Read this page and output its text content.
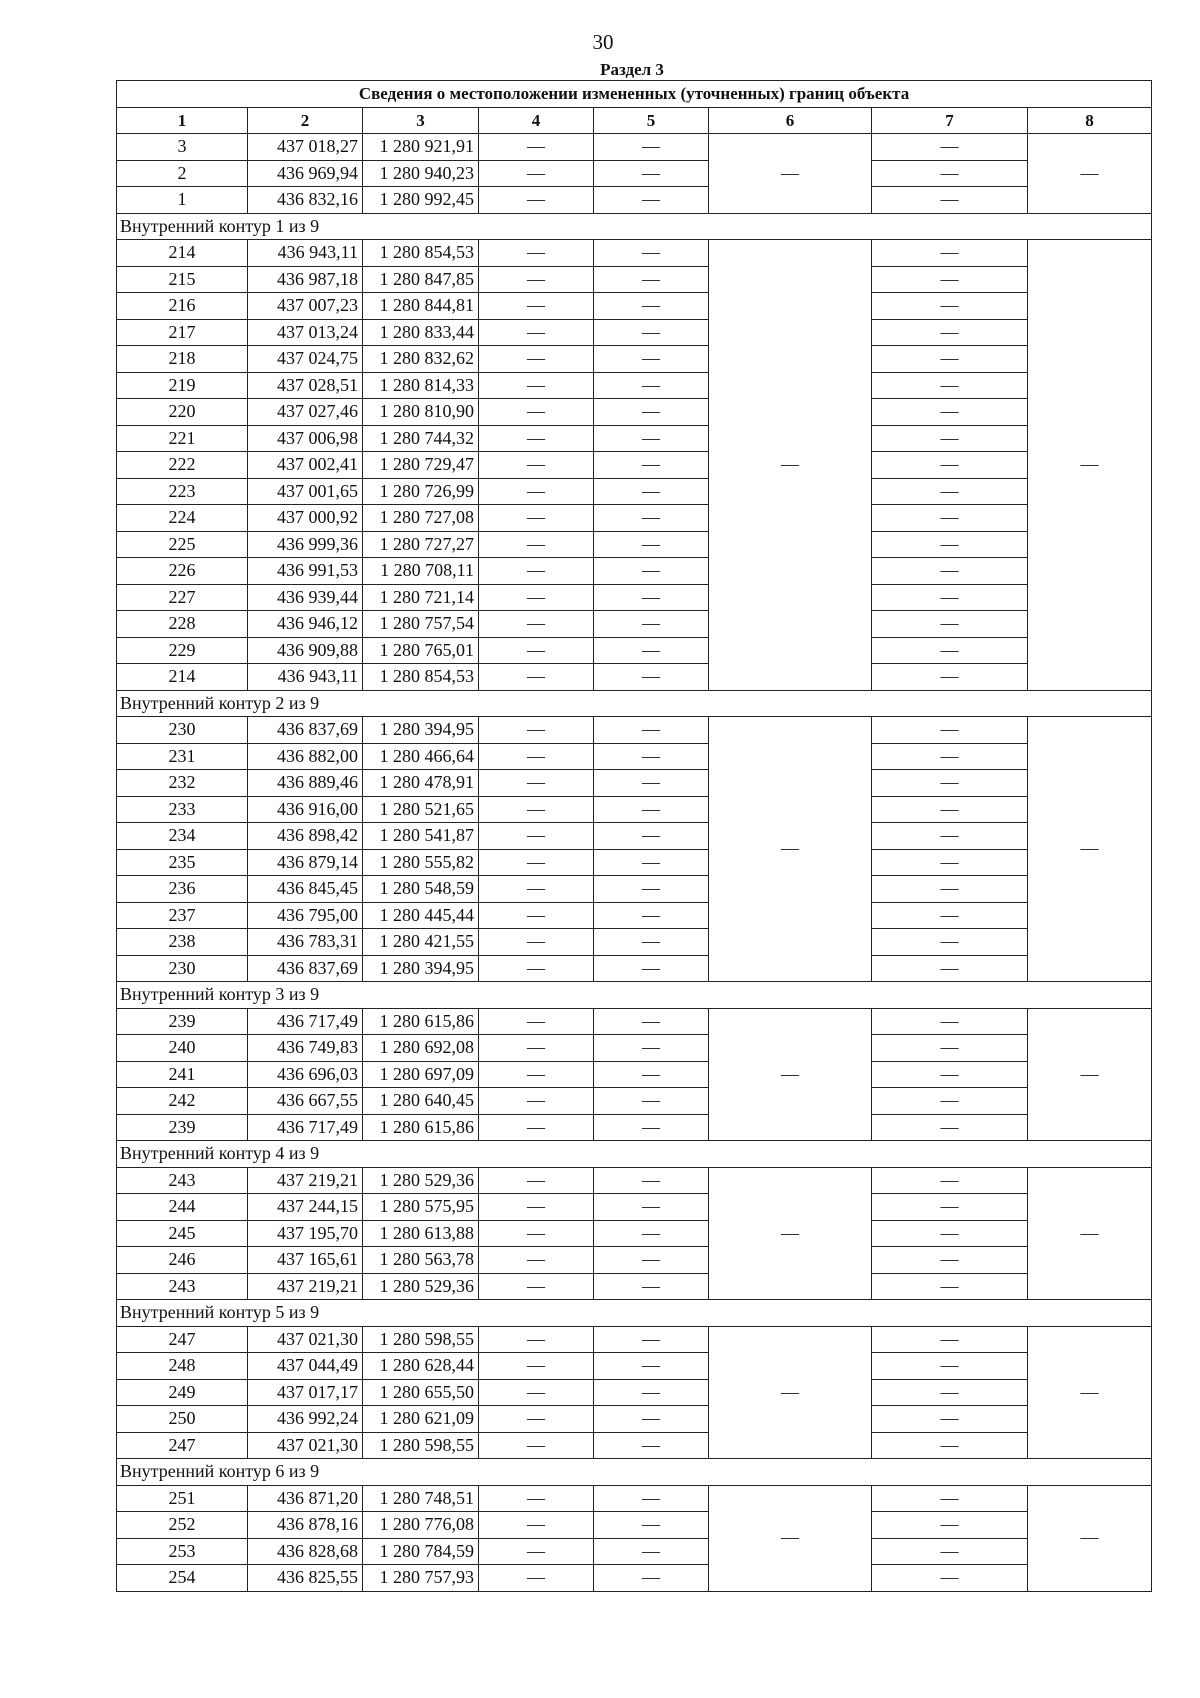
30
Раздел 3
Сведения о местоположении измененных (уточненных) границ объекта							
1	2	3	4	5	6	7	8
3	437 018,27	1 280 921,91	—	—	—	—	—
2	436 969,94	1 280 940,23	—	—		—	
1	436 832,16	1 280 992,45	—	—		—	
Внутренний контур 1 из 9							
214	436 943,11	1 280 854,53	—	—	—	—	—
215	436 987,18	1 280 847,85	—	—		—	
216	437 007,23	1 280 844,81	—	—		—	
217	437 013,24	1 280 833,44	—	—		—	
218	437 024,75	1 280 832,62	—	—		—	
219	437 028,51	1 280 814,33	—	—		—	
220	437 027,46	1 280 810,90	—	—		—	
221	437 006,98	1 280 744,32	—	—		—	
222	437 002,41	1 280 729,47	—	—		—	
223	437 001,65	1 280 726,99	—	—		—	
224	437 000,92	1 280 727,08	—	—		—	
225	436 999,36	1 280 727,27	—	—		—	
226	436 991,53	1 280 708,11	—	—		—	
227	436 939,44	1 280 721,14	—	—		—	
228	436 946,12	1 280 757,54	—	—		—	
229	436 909,88	1 280 765,01	—	—		—	
214	436 943,11	1 280 854,53	—	—		—	
Внутренний контур 2 из 9							
230	436 837,69	1 280 394,95	—	—	—	—	—
231	436 882,00	1 280 466,64	—	—		—	
232	436 889,46	1 280 478,91	—	—		—	
233	436 916,00	1 280 521,65	—	—		—	
234	436 898,42	1 280 541,87	—	—		—	
235	436 879,14	1 280 555,82	—	—		—	
236	436 845,45	1 280 548,59	—	—		—	
237	436 795,00	1 280 445,44	—	—		—	
238	436 783,31	1 280 421,55	—	—		—	
230	436 837,69	1 280 394,95	—	—		—	
Внутренний контур 3 из 9							
239	436 717,49	1 280 615,86	—	—	—	—	—
240	436 749,83	1 280 692,08	—	—		—	
241	436 696,03	1 280 697,09	—	—		—	
242	436 667,55	1 280 640,45	—	—		—	
239	436 717,49	1 280 615,86	—	—		—	
Внутренний контур 4 из 9							
243	437 219,21	1 280 529,36	—	—	—	—	—
244	437 244,15	1 280 575,95	—	—		—	
245	437 195,70	1 280 613,88	—	—		—	
246	437 165,61	1 280 563,78	—	—		—	
243	437 219,21	1 280 529,36	—	—		—	
Внутренний контур 5 из 9							
247	437 021,30	1 280 598,55	—	—	—	—	—
248	437 044,49	1 280 628,44	—	—		—	
249	437 017,17	1 280 655,50	—	—		—	
250	436 992,24	1 280 621,09	—	—		—	
247	437 021,30	1 280 598,55	—	—		—	
Внутренний контур 6 из 9							
251	436 871,20	1 280 748,51	—	—	—	—	—
252	436 878,16	1 280 776,08	—	—		—	
253	436 828,68	1 280 784,59	—	—		—	
254	436 825,55	1 280 757,93	—	—		—	
